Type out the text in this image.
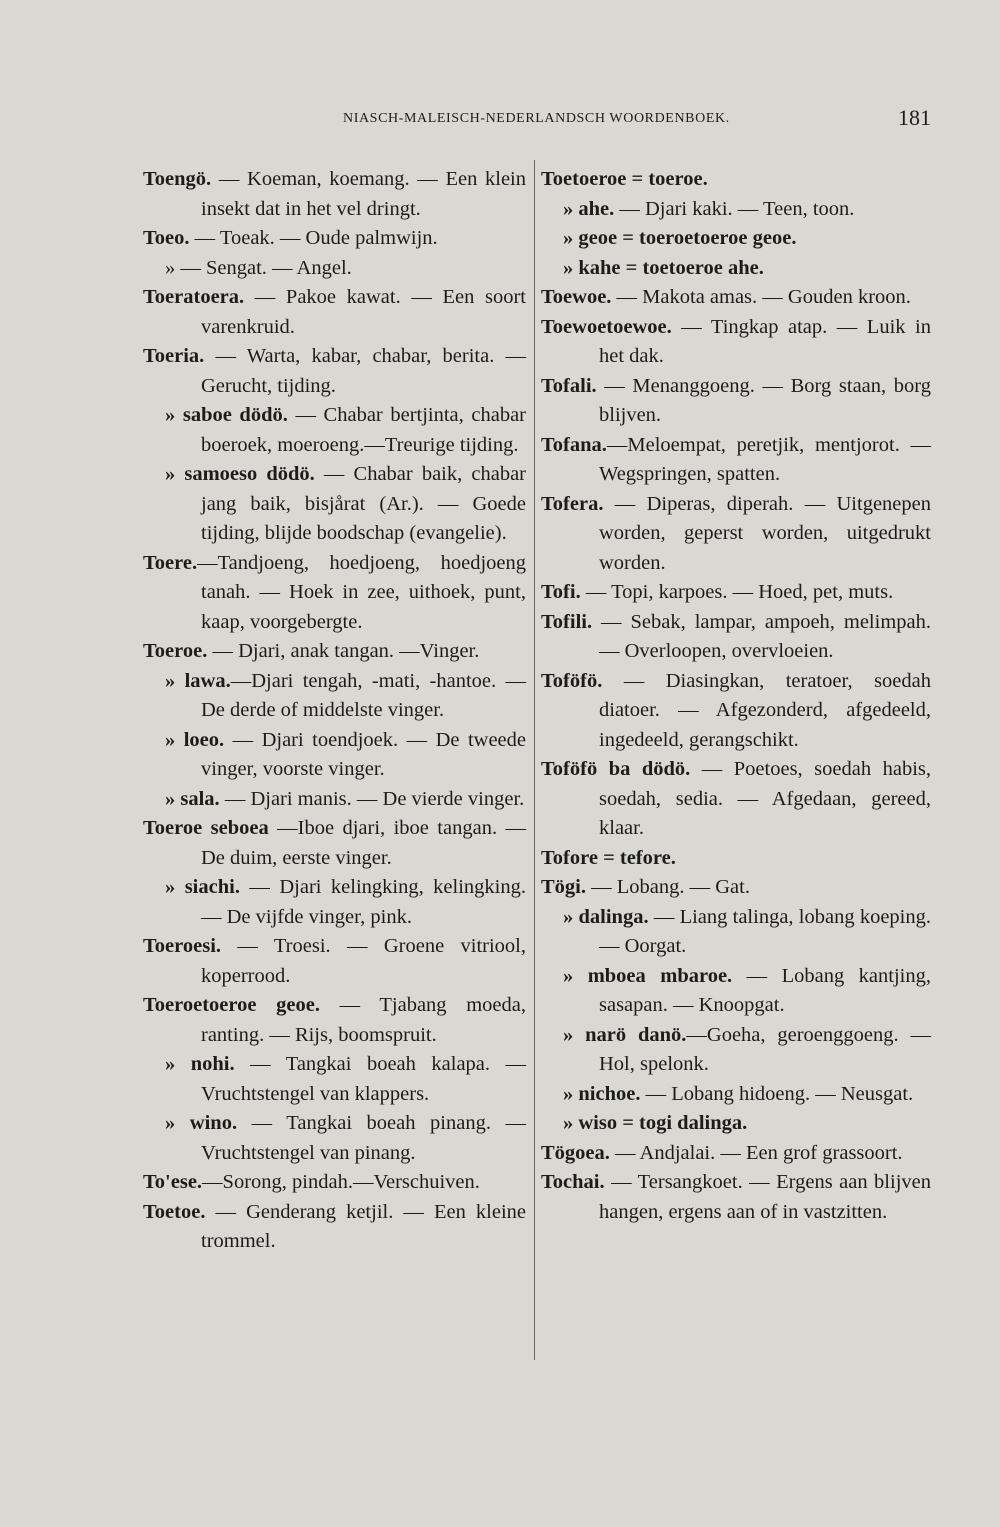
NIASCH-MALEISCH-NEDERLANDSCH WOORDENBOEK.	181
Toengö. — Koeman, koemang. — Een klein insekt dat in het vel dringt.
Toeo. — Toeak. — Oude palmwijn.
» — Sengat. — Angel.
Toeratoera. — Pakoe kawat. — Een soort varenkruid.
Toeria. — Warta, kabar, chabar, berita. — Gerucht, tijding.
» saboe dödö. — Chabar bertjinta, chabar boeroek, moeroeng.—Treurige tijding.
» samoeso dödö. — Chabar baik, chabar jang baik, bisjårat (Ar.). — Goede tijding, blijde boodschap (evangelie).
Toere.—Tandjoeng, hoedjoeng, hoedjoeng tanah. — Hoek in zee, uithoek, punt, kaap, voorgebergte.
Toeroe. — Djari, anak tangan. —Vinger.
» lawa.—Djari tengah, -mati, -hantoe. — De derde of middelste vinger.
» loeo. — Djari toendjoek. — De tweede vinger, voorste vinger.
» sala. — Djari manis. — De vierde vinger.
Toeroe seboea —Iboe djari, iboe tangan. — De duim, eerste vinger.
» siachi. — Djari kelingking, kelingking. — De vijfde vinger, pink.
Toeroesi. — Troesi. — Groene vitriool, koperrood.
Toeroetoeroe geoe. — Tjabang moeda, ranting. — Rijs, boomspruit.
» nohi. — Tangkai boeah kalapa. — Vruchtstengel van klappers.
» wino. — Tangkai boeah pinang. — Vruchtstengel van pinang.
To'ese.—Sorong, pindah.—Verschuiven.
Toetoe. — Genderang ketjil. — Een kleine trommel.
Toetoeroe = toeroe.
» ahe. — Djari kaki. — Teen, toon.
» geoe = toeroetoeroe geoe.
» kahe = toetoeroe ahe.
Toewoe. — Makota amas. — Gouden kroon.
Toewoetoewoe. — Tingkap atap. — Luik in het dak.
Tofali. — Menanggoeng. — Borg staan, borg blijven.
Tofana.—Meloempat, peretjik, mentjorot. — Wegspringen, spatten.
Tofera. — Diperas, diperah. — Uitgenepen worden, geperst worden, uitgedrukt worden.
Tofi. — Topi, karpoes. — Hoed, pet, muts.
Tofili. — Sebak, lampar, ampoeh, melimpah. — Overloopen, overvloeien.
Toföfö. — Diasingkan, teratoer, soedah diatoer. — Afgezonderd, afgedeeld, ingedeeld, gerangschikt.
Toföfö ba dödö. — Poetoes, soedah habis, soedah, sedia. — Afgedaan, gereed, klaar.
Tofore = tefore.
Tögi. — Lobang. — Gat.
» dalinga. — Liang talinga, lobang koeping. — Oorgat.
» mboea mbaroe. — Lobang kantjing, sasapan. — Knoopgat.
» narö danö.—Goeha, geroenggoeng. — Hol, spelonk.
» nichoe. — Lobang hidoeng. — Neusgat.
» wiso = togi dalinga.
Tögoea. — Andjalai. — Een grof grassoort.
Tochai. — Tersangkoet. — Ergens aan blijven hangen, ergens aan of in vastzitten.
